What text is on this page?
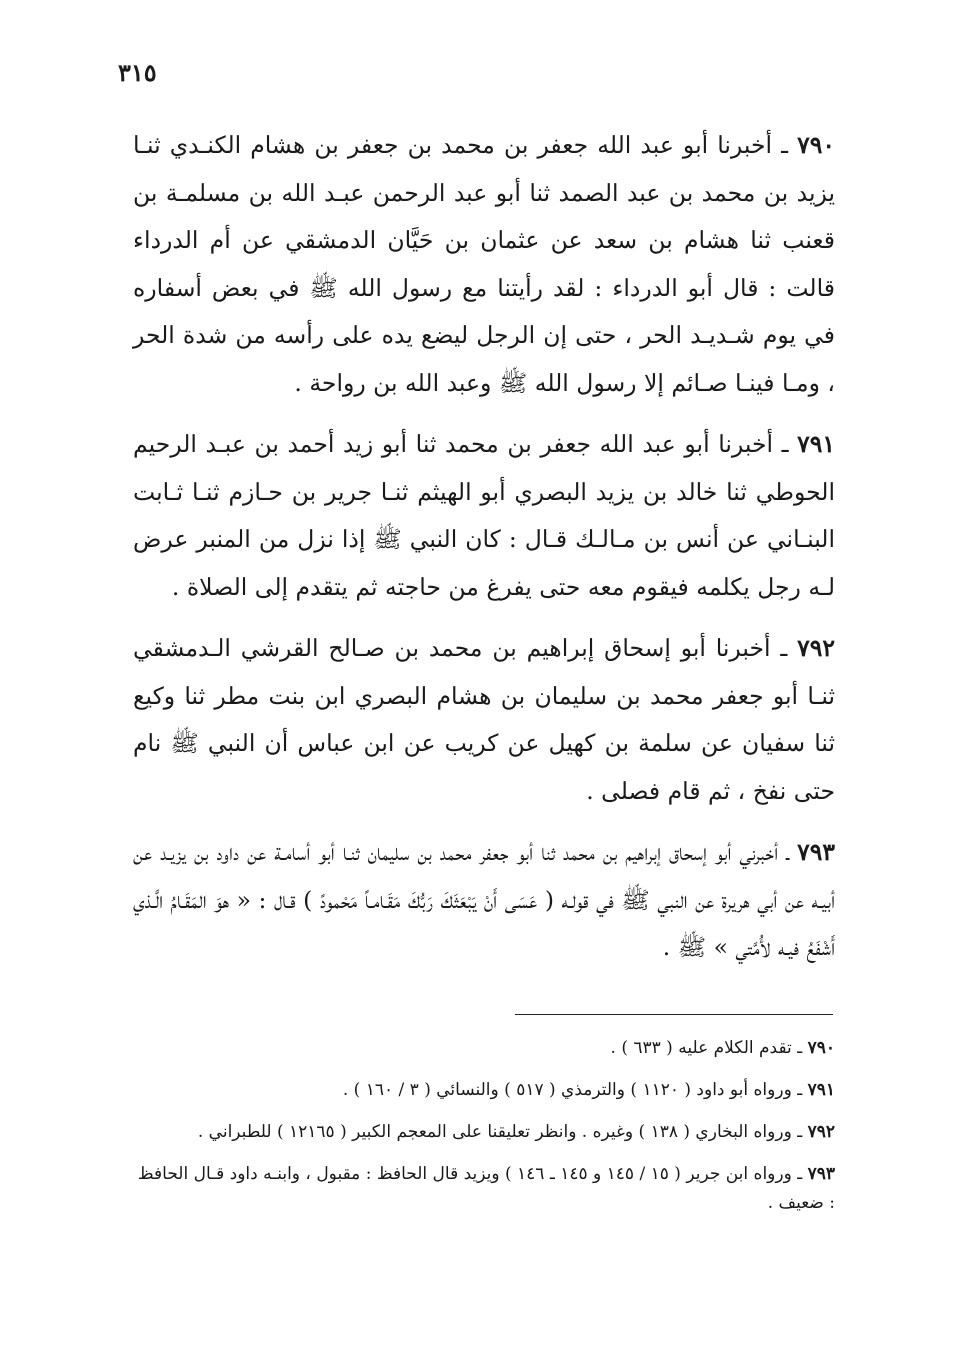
٣١٥

٧٩٠ ـ أخبرنا أبو عبد الله جعفر بن محمد بن جعفر بن هشام الكنـدي ثنـا يزيد بن محمد بن عبد الصمد ثنا أبو عبد الرحمن عبـد الله بن مسلمـة بن قعنب ثنا هشام بن سعد عن عثمان بن حَيَّان الدمشقي عن أم الدرداء قالت : قال أبو الدرداء : لقد رأيتنا مع رسول الله ﷺ في بعض أسفاره في يوم شـديـد الحر ، حتى إن الرجل ليضع يده على رأسه من شدة الحر ، ومـا فينـا صـائم إلا رسول الله ﷺ وعبد الله بن رواحة .

٧٩١ ـ أخبرنا أبو عبد الله جعفر بن محمد ثنا أبو زيد أحمد بن عبـد الرحيم الحوطي ثنا خالد بن يزيد البصري أبو الهيثم ثنـا جرير بن حـازم ثنـا ثـابت البنـاني عن أنس بن مـالـك قـال : كان النبي ﷺ إذا نزل من المنبر عرض لـه رجل يكلمه فيقوم معه حتى يفرغ من حاجته ثم يتقدم إلى الصلاة .

٧٩٢ ـ أخبرنا أبو إسحاق إبراهيم بن محمد بن صـالح القرشي الـدمشقي ثنـا أبو جعفر محمد بن سليمان بن هشام البصري ابن بنت مطر ثنا وكيع ثنا سفيان عن سلمة بن كهيل عن كريب عن ابن عباس أن النبي ﷺ نام حتى نفخ ، ثم قام فصلى .

٧٩٣ ـ أخبرني أبو إسحاق إبراهيم بن محمد ثنا أبو جعفر محمد بن سليمان ثنـا أبو أسامـة عن داود بن يزيـد عن أبيـه عن أبي هريرة عن النبي ﷺ في قولـه ( عَسَى أَنْ يَبْعَثَكَ رَبُّكَ مَقَـامـاً مَحْمودً ) قـال : « هوَ المَقَـامُ الَّـذي أَشْفَعُ فيـه لأُمَّتي » ﷺ .

٧٩٠ ـ تقدم الكلام عليه ( ٦٣٣ ) .

٧٩١ ـ ورواه أبو داود ( ١١٢٠ ) والترمذي ( ٥١٧ ) والنسائي ( ٣ / ١٦٠ ) .

٧٩٢ ـ ورواه البخاري ( ١٣٨ ) وغيره . وانظر تعليقنا على المعجم الكبير ( ١٢١٦٥ ) للطبراني .

٧٩٣ ـ ورواه ابن جرير ( ١٥ / ١٤٥ و ١٤٥ ـ ١٤٦ ) ويزيد قال الحافظ : مقبول ، وابنـه داود قـال الحافظ : ضعيف .
